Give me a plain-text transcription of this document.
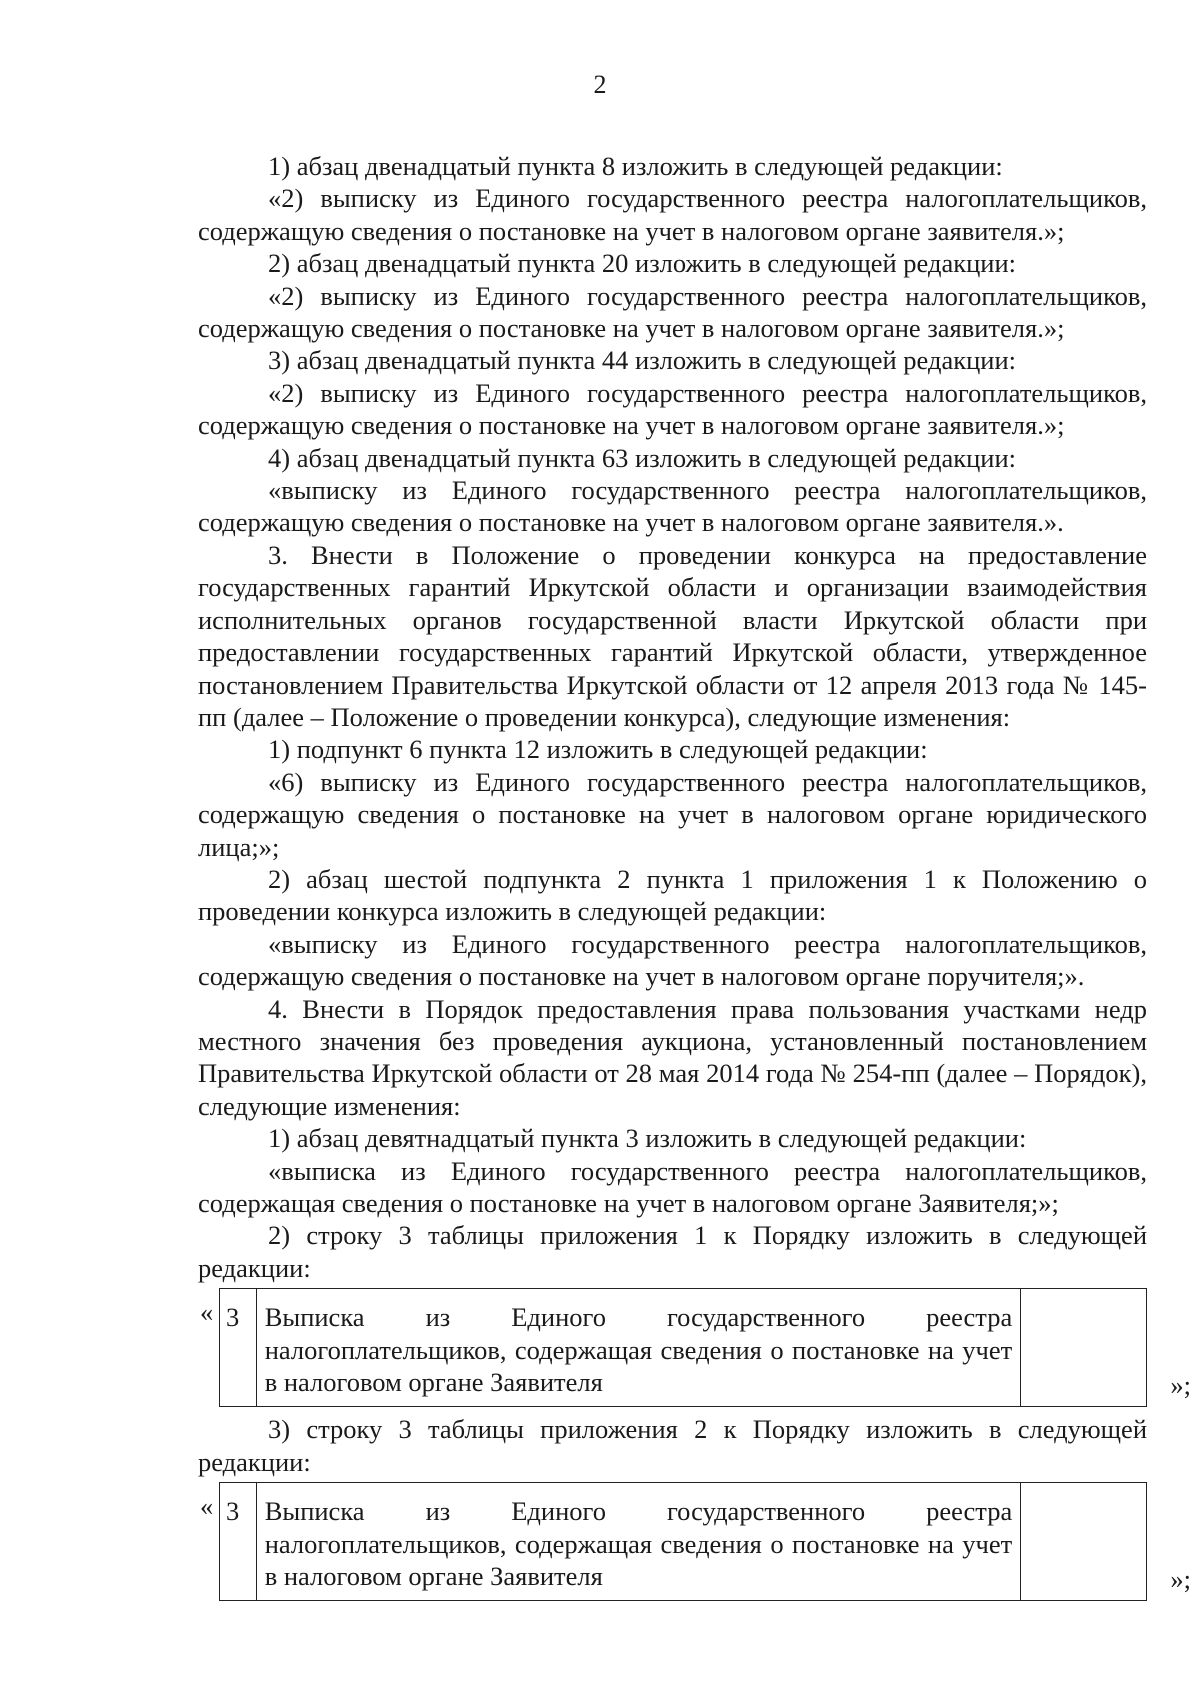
2

1) абзац двенадцатый пункта 8 изложить в следующей редакции:

«2) выписку из Единого государственного реестра налогоплательщиков, содержащую сведения о постановке на учет в налоговом органе заявителя.»;

2) абзац двенадцатый пункта 20 изложить в следующей редакции:

«2) выписку из Единого государственного реестра налогоплательщиков, содержащую сведения о постановке на учет в налоговом органе заявителя.»;

3) абзац двенадцатый пункта 44 изложить в следующей редакции:

«2) выписку из Единого государственного реестра налогоплательщиков, содержащую сведения о постановке на учет в налоговом органе заявителя.»;

4) абзац двенадцатый пункта 63 изложить в следующей редакции:

«выписку из Единого государственного реестра налогоплательщиков, содержащую сведения о постановке на учет в налоговом органе заявителя.».

3. Внести в Положение о проведении конкурса на предоставление государственных гарантий Иркутской области и организации взаимодействия исполнительных органов государственной власти Иркутской области при предоставлении государственных гарантий Иркутской области, утвержденное постановлением Правительства Иркутской области от 12 апреля 2013 года № 145-пп (далее – Положение о проведении конкурса), следующие изменения:

1) подпункт 6 пункта 12 изложить в следующей редакции:

«6) выписку из Единого государственного реестра налогоплательщиков, содержащую сведения о постановке на учет в налоговом органе юридического лица;»;

2) абзац шестой подпункта 2 пункта 1 приложения 1 к Положению о проведении конкурса изложить в следующей редакции:

«выписку из Единого государственного реестра налогоплательщиков, содержащую сведения о постановке на учет в налоговом органе поручителя;».

4. Внести в Порядок предоставления права пользования участками недр местного значения без проведения аукциона, установленный постановлением Правительства Иркутской области от 28 мая 2014 года № 254-пп (далее – Порядок), следующие изменения:

1) абзац девятнадцатый пункта 3 изложить в следующей редакции:

«выписка из Единого государственного реестра налогоплательщиков, содержащая сведения о постановке на учет в налоговом органе Заявителя;»;

2) строку 3 таблицы приложения 1 к Порядку изложить в следующей редакции:

« 3	Выписка из Единого государственного реестра налогоплательщиков, содержащая сведения о постановке на учет в налоговом органе Заявителя		»;

3) строку 3 таблицы приложения 2 к Порядку изложить в следующей редакции:

« 3	Выписка из Единого государственного реестра налогоплательщиков, содержащая сведения о постановке на учет в налоговом органе Заявителя		»;
